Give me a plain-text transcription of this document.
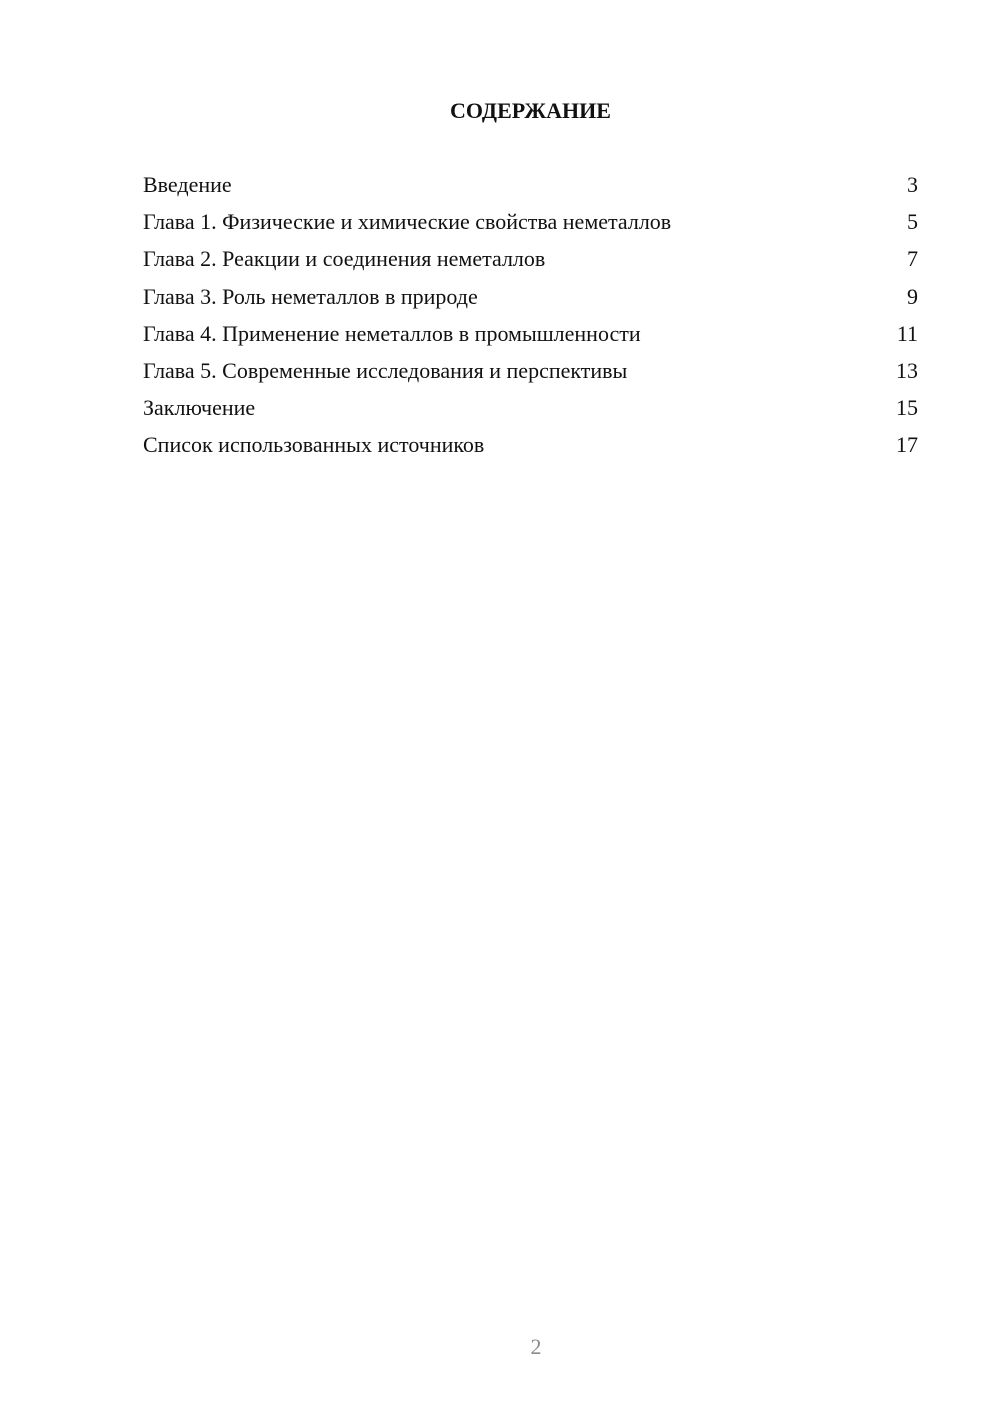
СОДЕРЖАНИЕ
Введение	3
Глава 1. Физические и химические свойства неметаллов	5
Глава 2. Реакции и соединения неметаллов	7
Глава 3. Роль неметаллов в природе	9
Глава 4. Применение неметаллов в промышленности	11
Глава 5. Современные исследования и перспективы	13
Заключение	15
Список использованных источников	17
2
